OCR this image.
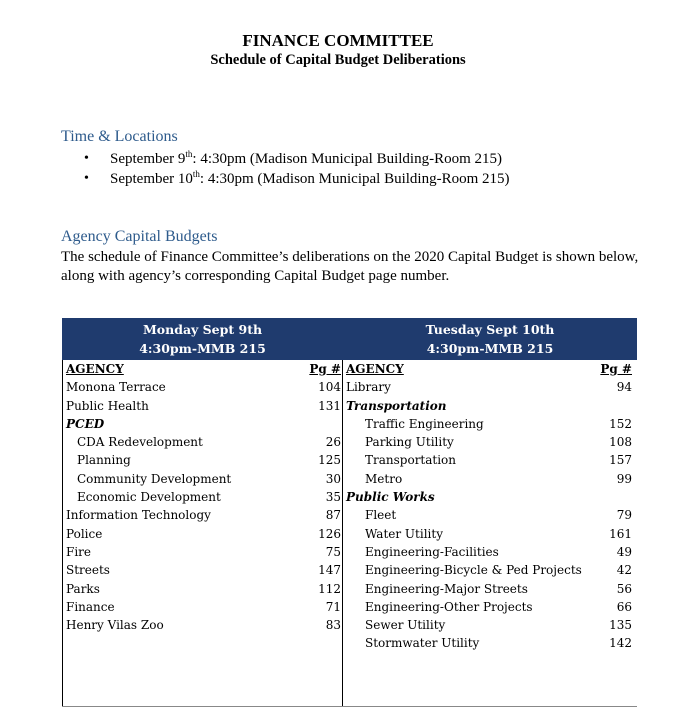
FINANCE COMMITTEE
Schedule of Capital Budget Deliberations
Time & Locations
• September 9th: 4:30pm (Madison Municipal Building-Room 215)
• September 10th: 4:30pm (Madison Municipal Building-Room 215)
Agency Capital Budgets

The schedule of Finance Committee’s deliberations on the 2020 Capital Budget is shown below, along with agency’s corresponding Capital Budget page number.

Monday Sept 9th
4:30pm-MMB 215
Tuesday Sept 10th
4:30pm-MMB 215
AGENCY	Pg #
Monona Terrace	104
Public Health	131
PCED
CDA Redevelopment	26
Planning	125
Community Development	30
Economic Development	35
Information Technology	87
Police	126
Fire	75
Streets	147
Parks	112
Finance	71
Henry Vilas Zoo	83
AGENCY	Pg #
Library	94
Transportation
Traffic Engineering	152
Parking Utility	108
Transportation	157
Metro	99
Public Works
Fleet	79
Water Utility	161
Engineering-Facilities	49
Engineering-Bicycle & Ped Projects	42
Engineering-Major Streets	56
Engineering-Other Projects	66
Sewer Utility	135
Stormwater Utility	142
